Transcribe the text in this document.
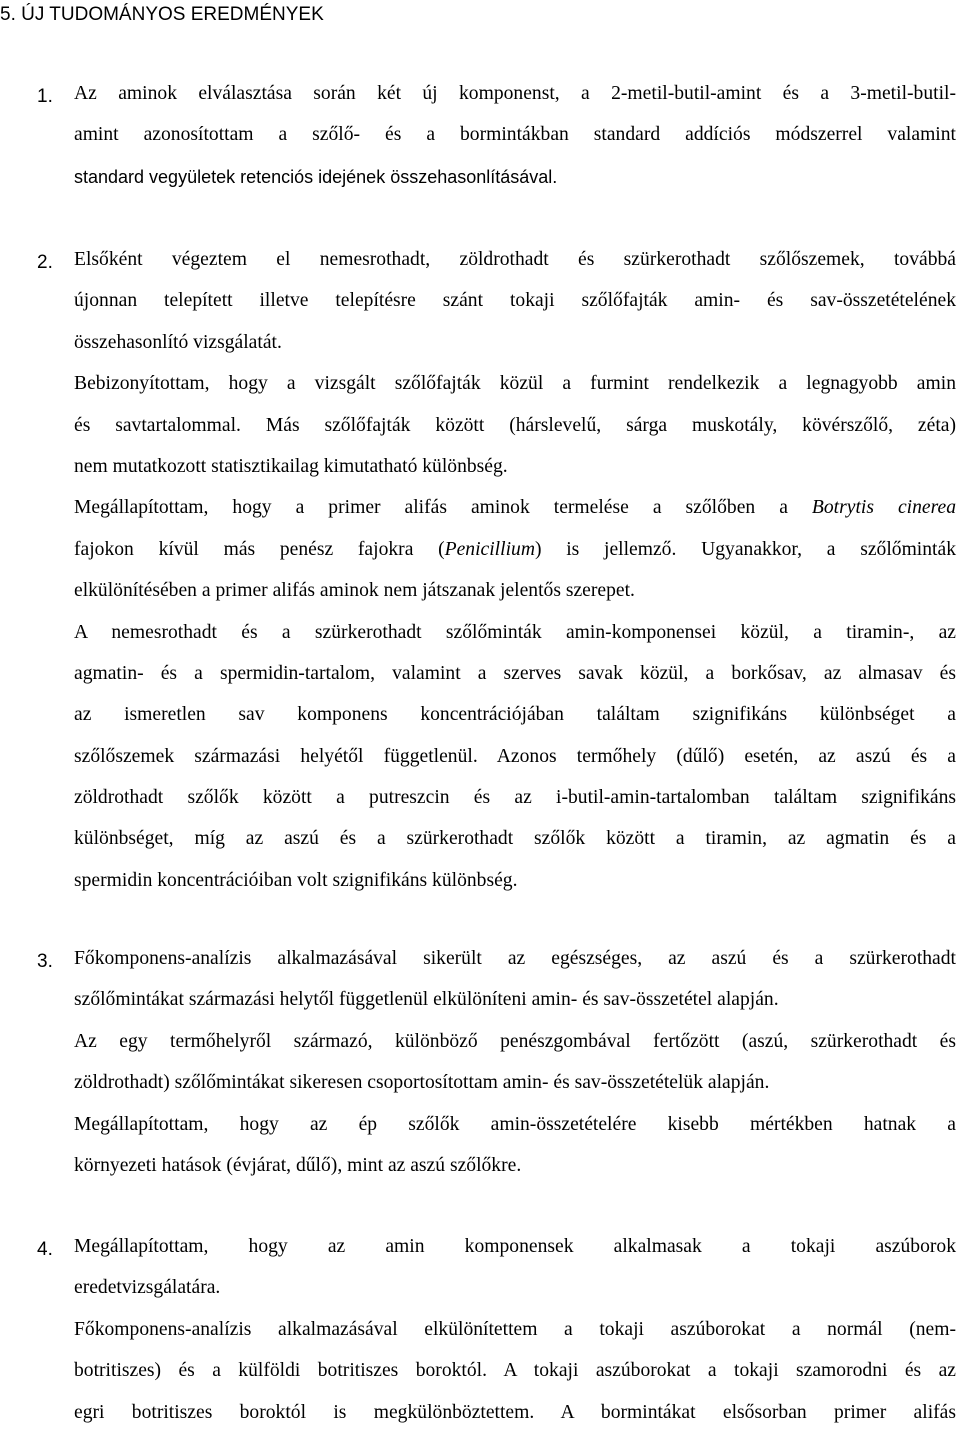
5. ÚJ TUDOMÁNYOS EREDMÉNYEK
1. Az aminok elválasztása során két új komponenst, a 2-metil-butil-amint és a 3-metil-butil-
amint azonosítottam a szőlő- és a bormintákban standard addíciós módszerrel valamint
standard vegyületek retenciós idejének összehasonlításával.
2. Elsőként végeztem el nemesrothadt, zöldrothadt és szürkerothadt szőlőszemek, továbbá
újonnan telepített illetve telepítésre szánt tokaji szőlőfajták amin- és sav-összetételének
összehasonlító vizsgálatát.
Bebizonyítottam, hogy a vizsgált szőlőfajták közül a furmint rendelkezik a legnagyobb amin
és savtartalommal. Más szőlőfajták között (hárslevelű, sárga muskotály, kövérszőlő, zéta)
nem mutatkozott statisztikailag kimutatható különbség.
Megállapítottam, hogy a primer alifás aminok termelése a szőlőben a Botrytis cinerea
fajokon kívül más penész fajokra (Penicillium) is jellemző. Ugyanakkor, a szőlőminták
elkülönítésében a primer alifás aminok nem játszanak jelentős szerepet.
A nemesrothadt és a szürkerothadt szőlőminták amin-komponensei közül, a tiramin-, az
agmatin- és a spermidin-tartalom, valamint a szerves savak közül, a borkősav, az almasav és
az ismeretlen sav komponens koncentrációjában találtam szignifikáns különbséget a
szőlőszemek származási helyétől függetlenül. Azonos termőhely (dűlő) esetén, az aszú és a
zöldrothadt szőlők között a putreszcin és az i-butil-amin-tartalomban találtam szignifikáns
különbséget, míg az aszú és a szürkerothadt szőlők között a tiramin, az agmatin és a
spermidin koncentrációiban volt szignifikáns különbség.
3. Főkomponens-analízis alkalmazásával sikerült az egészséges, az aszú és a szürkerothadt
szőlőmintákat származási helytől függetlenül elkülöníteni amin- és sav-összetétel alapján.
Az egy termőhelyről származó, különböző penészgombával fertőzött (aszú, szürkerothadt és
zöldrothadt) szőlőmintákat sikeresen csoportosítottam amin- és sav-összetételük alapján.
Megállapítottam, hogy az ép szőlők amin-összetételére kisebb mértékben hatnak a
környezeti hatások (évjárat, dűlő), mint az aszú szőlőkre.
4. Megállapítottam, hogy az amin komponensek alkalmasak a tokaji aszúborok
eredetvizsgálatára.
Főkomponens-analízis alkalmazásával elkülönítettem a tokaji aszúborokat a normál (nem-
botritiszes) és a külföldi botritiszes boroktól. A tokaji aszúborokat a tokaji szamorodni és az
egri botritiszes boroktól is megkülönböztettem. A bormintákat elsősorban primer alifás
